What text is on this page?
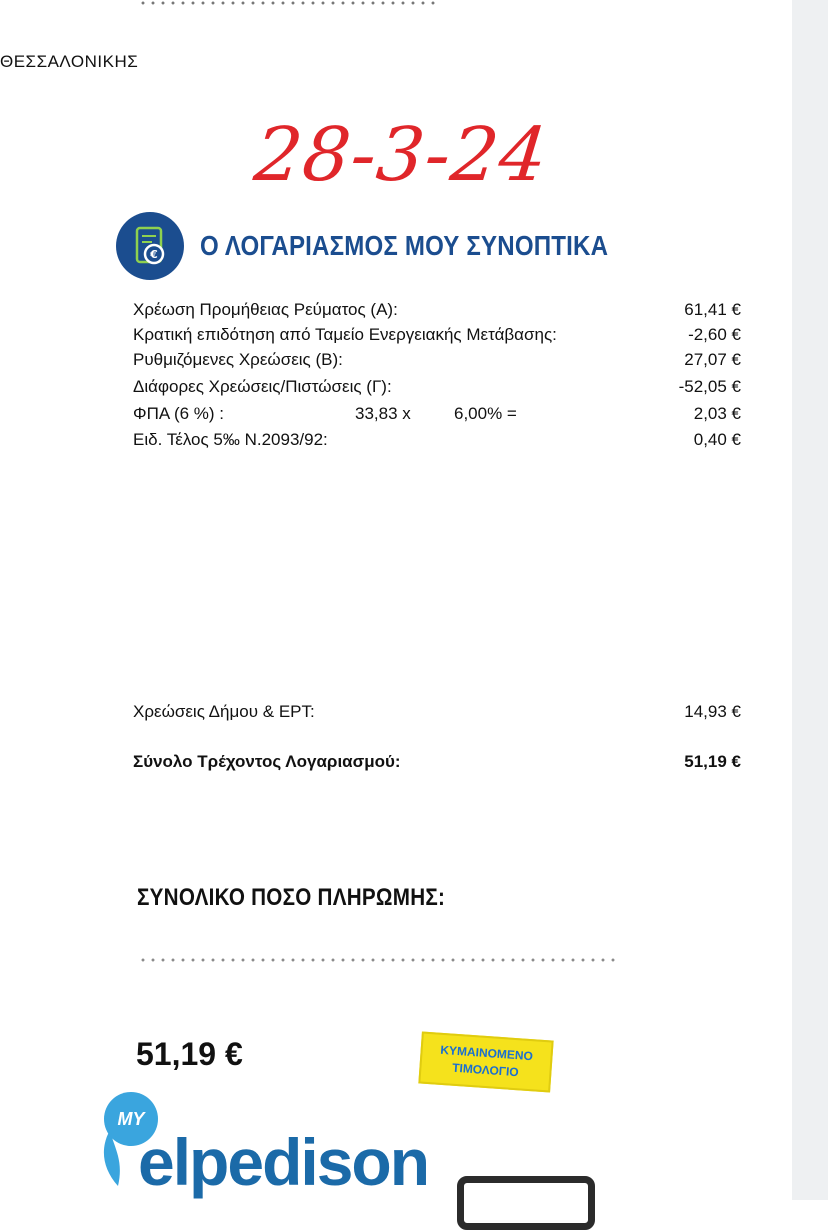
ΘΕΣΣΑΛΟΝΙΚΗΣ
28-3-24
€ Ο ΛΟΓΑΡΙΑΣΜΟΣ ΜΟΥ ΣΥΝΟΠΤΙΚΑ
Χρέωση Προμήθειας Ρεύματος (Α):	61,41 €
Κρατική επιδότηση από Ταμείο Ενεργειακής Μετάβασης:	-2,60 €
Ρυθμιζόμενες Χρεώσεις (Β):	27,07 €
Διάφορες Χρεώσεις/Πιστώσεις (Γ):	-52,05 €
ΦΠΑ (6 %) :	33,83 x	6,00% =	2,03 €
Ειδ. Τέλος 5‰ Ν.2093/92:	0,40 €
Χρεώσεις Δήμου & ΕΡΤ:	14,93 €
Σύνολο Τρέχοντος Λογαριασμού:	51,19 €
ΣΥΝΟΛΙΚΟ ΠΟΣΟ ΠΛΗΡΩΜΗΣ:
51,19 €	ΚΥΜΑΙΝΟΜΕΝΟ
ΤΙΜΟΛΟΓΙΟ
MY
elpedison
